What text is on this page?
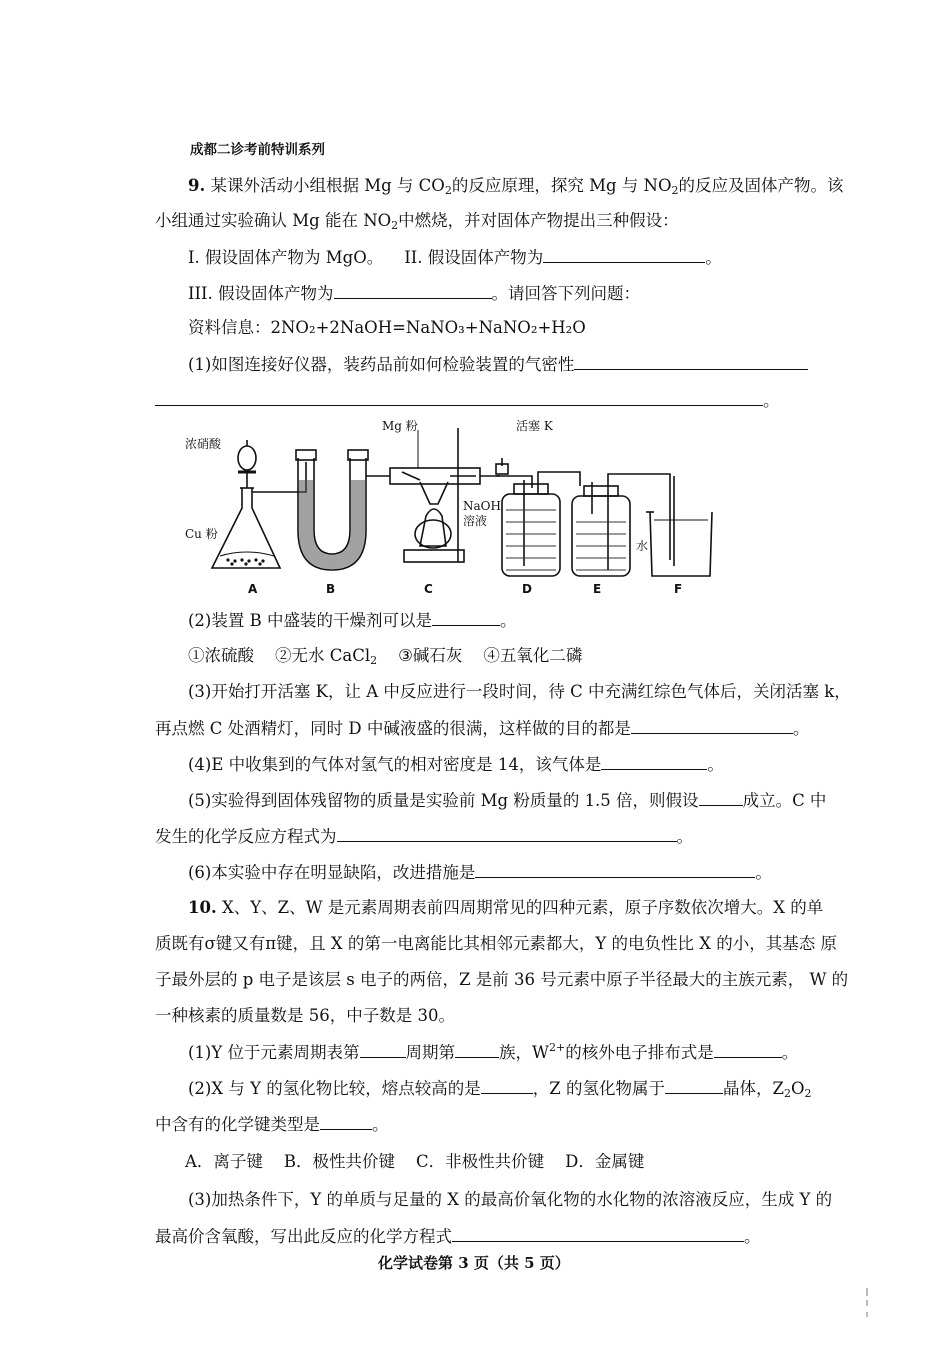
成都二诊考前特训系列
9. 某课外活动小组根据 Mg 与 $CO_2$的反应原理，探究 Mg 与 $NO_2$的反应及固体产物。该
小组通过实验确认 Mg 能在 $NO_2$中燃烧，并对固体产物提出三种假设：
I. 假设固体产物为 MgO。 II. 假设固体产物为	。
III. 假设固体产物为	。请回答下列问题：
资料信息：2NO₂+2NaOH=NaNO₃+NaNO₂+H₂O
(1)如图连接好仪器，装药品前如何检验装置的气密性
。
浓硝酸
Cu 粉
Mg 粉	活塞 K
NaOH
溶液
水
A	B	C	D	E	F
(2)装置 B 中盛装的干燥剂可以是	。
①浓硫酸 ②无水 CaCl$_2$ ③碱石灰 ④五氧化二磷
(3)开始打开活塞 K，让 A 中反应进行一段时间，待 C 中充满红综色气体后，关闭活塞 k，
再点燃 C 处酒精灯，同时 D 中碱液盛的很满，这样做的目的都是	。
(4)E 中收集到的气体对氢气的相对密度是 14，该气体是	。
(5)实验得到固体残留物的质量是实验前 Mg 粉质量的 1.5 倍，则假设	成立。C 中
发生的化学反应方程式为	。
(6)本实验中存在明显缺陷，改进措施是	。
10. X、Y、Z、W 是元素周期表前四周期常见的四种元素，原子序数依次增大。X 的单
质既有σ键又有π键，且 X 的第一电离能比其相邻元素都大，Y 的电负性比 X 的小，其基态 原
子最外层的 p 电子是该层 s 电子的两倍，Z 是前 36 号元素中原子半径最大的主族元素， W 的
一种核素的质量数是 56，中子数是 30。
(1)Y 位于元素周期表第	周期第	族，$W^{2+}$的核外电子排布式是	。
(2)X 与 Y 的氢化物比较，熔点较高的是	，Z 的氢化物属于	晶体，$Z_2O_2$
中含有的化学键类型是	。
A．离子键 B．极性共价键 C．非极性共价键 D．金属键
(3)加热条件下，Y 的单质与足量的 X 的最高价氧化物的水化物的浓溶液反应，生成 Y 的
最高价含氧酸，写出此反应的化学方程式	。
化学试卷第 3 页（共 5 页）
